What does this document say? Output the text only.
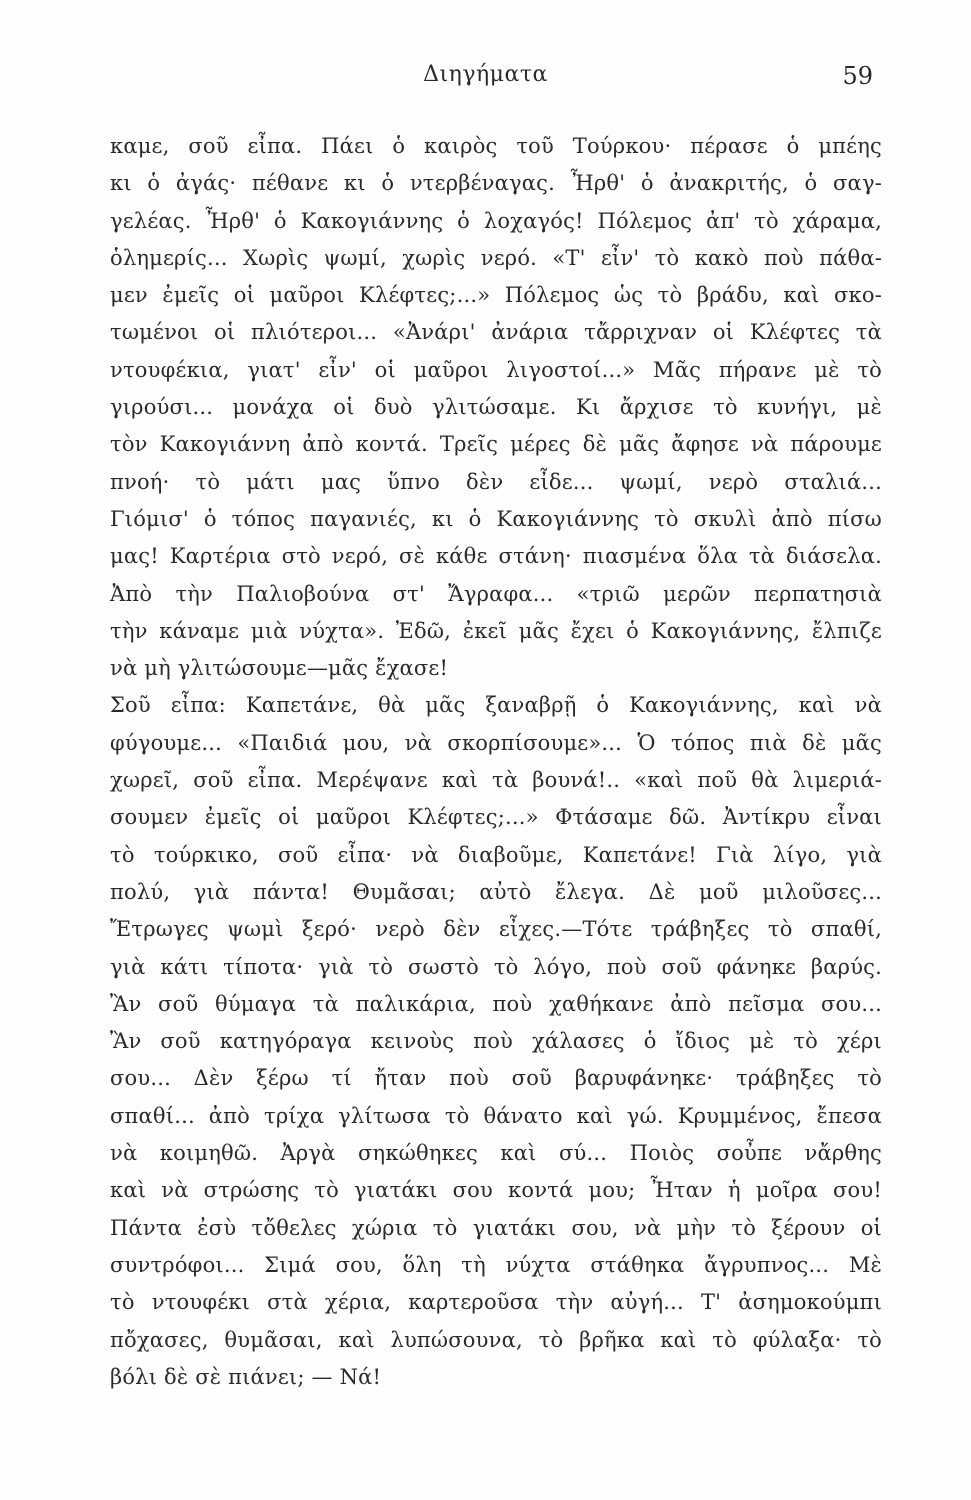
Διηγήματα	59
καμε, σοῦ εἶπα. Πάει ὁ καιρὸς τοῦ Τούρκου· πέρασε ὁ μπέης
κι ὁ ἀγάς· πέθανε κι ὁ ντερβέναγας. Ἦρθ' ὁ ἀνακριτής, ὁ σαγ-
γελέας. Ἦρθ' ὁ Κακογιάννης ὁ λοχαγός! Πόλεμος ἀπ' τὸ χάραμα,
ὁλημερίς... Χωρὶς ψωμί, χωρὶς νερό. «Τ' εἶν' τὸ κακὸ ποὺ πάθα-
μεν ἐμεῖς οἱ μαῦροι Κλέφτες;...» Πόλεμος ὡς τὸ βράδυ, καὶ σκο-
τωμένοι οἱ πλιότεροι... «Ἀνάρι' ἀνάρια τἄρριχναν οἱ Κλέφτες τὰ
ντουφέκια, γιατ' εἶν' οἱ μαῦροι λιγοστοί...» Μᾶς πήρανε μὲ τὸ
γιρούσι... μονάχα οἱ δυὸ γλιτώσαμε. Κι ἄρχισε τὸ κυνήγι, μὲ
τὸν Κακογιάννη ἀπὸ κοντά. Τρεῖς μέρες δὲ μᾶς ἄφησε νὰ πάρουμε
πνοή· τὸ μάτι μας ὕπνο δὲν εἶδε... ψωμί, νερὸ σταλιά...
Γιόμισ' ὁ τόπος παγανιές, κι ὁ Κακογιάννης τὸ σκυλὶ ἀπὸ πίσω
μας! Καρτέρια στὸ νερό, σὲ κάθε στάνη· πιασμένα ὅλα τὰ διάσελα.
Ἀπὸ τὴν Παλιοβούνα στ' Ἄγραφα... «τριῶ μερῶν περπατησιὰ
τὴν κάναμε μιὰ νύχτα». Ἐδῶ, ἐκεῖ μᾶς ἔχει ὁ Κακογιάννης, ἔλπιζε
νὰ μὴ γλιτώσουμε—μᾶς ἔχασε!
Σοῦ εἶπα: Καπετάνε, θὰ μᾶς ξαναβρῇ ὁ Κακογιάννης, καὶ νὰ
φύγουμε... «Παιδιά μου, νὰ σκορπίσουμε»... Ὁ τόπος πιὰ δὲ μᾶς
χωρεῖ, σοῦ εἶπα. Μερέψανε καὶ τὰ βουνά!.. «καὶ ποῦ θὰ λιμεριά-
σουμεν ἐμεῖς οἱ μαῦροι Κλέφτες;...» Φτάσαμε δῶ. Ἀντίκρυ εἶναι
τὸ τούρκικο, σοῦ εἶπα· νὰ διαβοῦμε, Καπετάνε! Γιὰ λίγο, γιὰ
πολύ, γιὰ πάντα! Θυμᾶσαι; αὐτὸ ἔλεγα. Δὲ μοῦ μιλοῦσες...
Ἔτρωγες ψωμὶ ξερό· νερὸ δὲν εἶχες.—Τότε τράβηξες τὸ σπαθί,
γιὰ κάτι τίποτα· γιὰ τὸ σωστὸ τὸ λόγο, ποὺ σοῦ φάνηκε βαρύς.
Ἂν σοῦ θύμαγα τὰ παλικάρια, ποὺ χαθήκανε ἀπὸ πεῖσμα σου...
Ἂν σοῦ κατηγόραγα κεινοὺς ποὺ χάλασες ὁ ἴδιος μὲ τὸ χέρι
σου... Δὲν ξέρω τί ἤταν ποὺ σοῦ βαρυφάνηκε· τράβηξες τὸ
σπαθί... ἀπὸ τρίχα γλίτωσα τὸ θάνατο καὶ γώ. Κρυμμένος, ἔπεσα
νὰ κοιμηθῶ. Ἀργὰ σηκώθηκες καὶ σύ... Ποιὸς σοὖπε νἄρθης
καὶ νὰ στρώσης τὸ γιατάκι σου κοντά μου; Ἦταν ἡ μοῖρα σου!
Πάντα ἐσὺ τὄθελες χώρια τὸ γιατάκι σου, νὰ μὴν τὸ ξέρουν οἱ
συντρόφοι... Σιμά σου, ὅλη τὴ νύχτα στάθηκα ἄγρυπνος... Μὲ
τὸ ντουφέκι στὰ χέρια, καρτεροῦσα τὴν αὐγή... Τ' ἀσημοκούμπι
πὄχασες, θυμᾶσαι, καὶ λυπώσουνα, τὸ βρῆκα καὶ τὸ φύλαξα· τὸ
βόλι δὲ σὲ πιάνει; — Νά!
